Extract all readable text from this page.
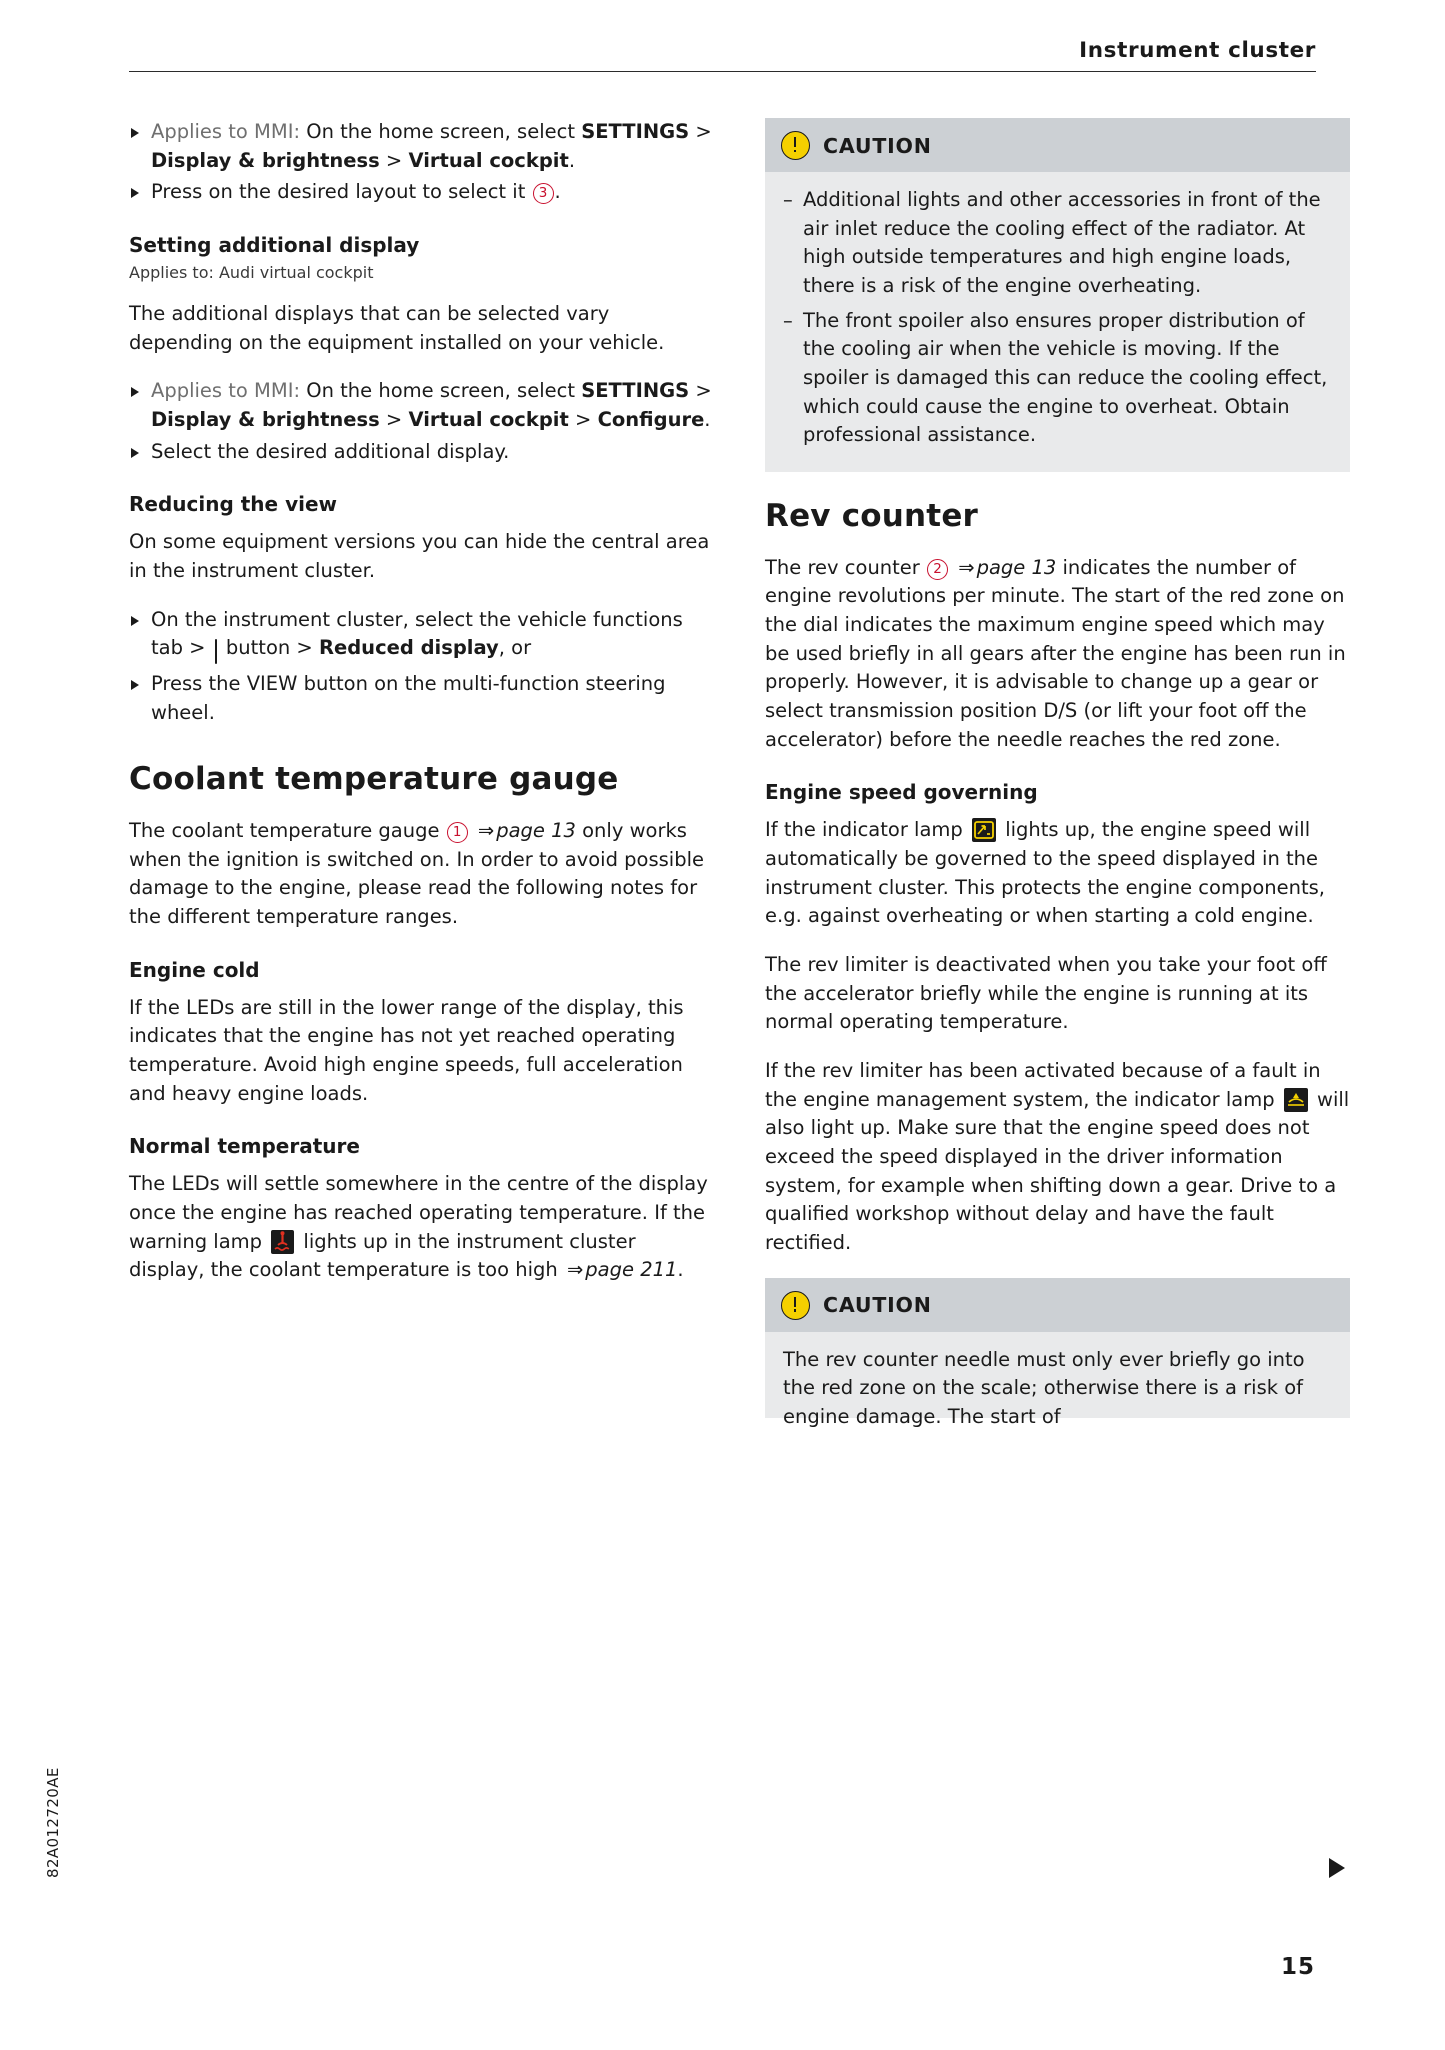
Instrument cluster
82A012720AE
Applies to MMI: On the home screen, select SETTINGS > Display & brightness > Virtual cockpit.
Press on the desired layout to select it 3 .
Setting additional display
Applies to: Audi virtual cockpit

The additional displays that can be selected vary depending on the equipment installed on your vehicle.

Applies to MMI: On the home screen, select SETTINGS > Display & brightness > Virtual cockpit > Configure.
Select the desired additional display.
Reducing the view

On some equipment versions you can hide the central area in the instrument cluster.

On the instrument cluster, select the vehicle functions tab >
button > Reduced display, or
Press the VIEW button on the multi-function steering wheel.
Coolant temperature gauge

The coolant temperature gauge 1 ⇒ page 13 only works when the ignition is switched on. In order to avoid possible damage to the engine, please read the following notes for the different temperature ranges.

Engine cold

If the LEDs are still in the lower range of the display, this indicates that the engine has not yet reached operating temperature. Avoid high engine speeds, full acceleration and heavy engine loads.

Normal temperature

The LEDs will settle somewhere in the centre of the display once the engine has reached operating temperature. If the warning lamp  lights up in the instrument cluster display, the coolant temperature is too high ⇒ page 211.

CAUTION
– Additional lights and other accessories in front of the air inlet reduce the cooling effect of the radiator. At high outside temperatures and high engine loads, there is a risk of the engine overheating.
– The front spoiler also ensures proper distribution of the cooling air when the vehicle is moving. If the spoiler is damaged this can reduce the cooling effect, which could cause the engine to overheat. Obtain professional assistance.
Rev counter

The rev counter 2 ⇒ page 13 indicates the number of engine revolutions per minute. The start of the red zone on the dial indicates the maximum engine speed which may be used briefly in all gears after the engine has been run in properly. However, it is advisable to change up a gear or select transmission position D/S (or lift your foot off the accelerator) before the needle reaches the red zone.

Engine speed governing

If the indicator lamp
lights up, the engine speed will automatically be governed to the speed displayed in the instrument cluster. This protects the engine components, e.g. against overheating or when starting a cold engine.

The rev limiter is deactivated when you take your foot off the accelerator briefly while the engine is running at its normal operating temperature.

If the rev limiter has been activated because of a fault in the engine management system, the indicator lamp
will also light up. Make sure that the engine speed does not exceed the speed displayed in the driver information system, for example when shifting down a gear. Drive to a qualified workshop without delay and have the fault rectified.

CAUTION
The rev counter needle must only ever briefly go into the red zone on the scale; otherwise there is a risk of engine damage. The start of
15
